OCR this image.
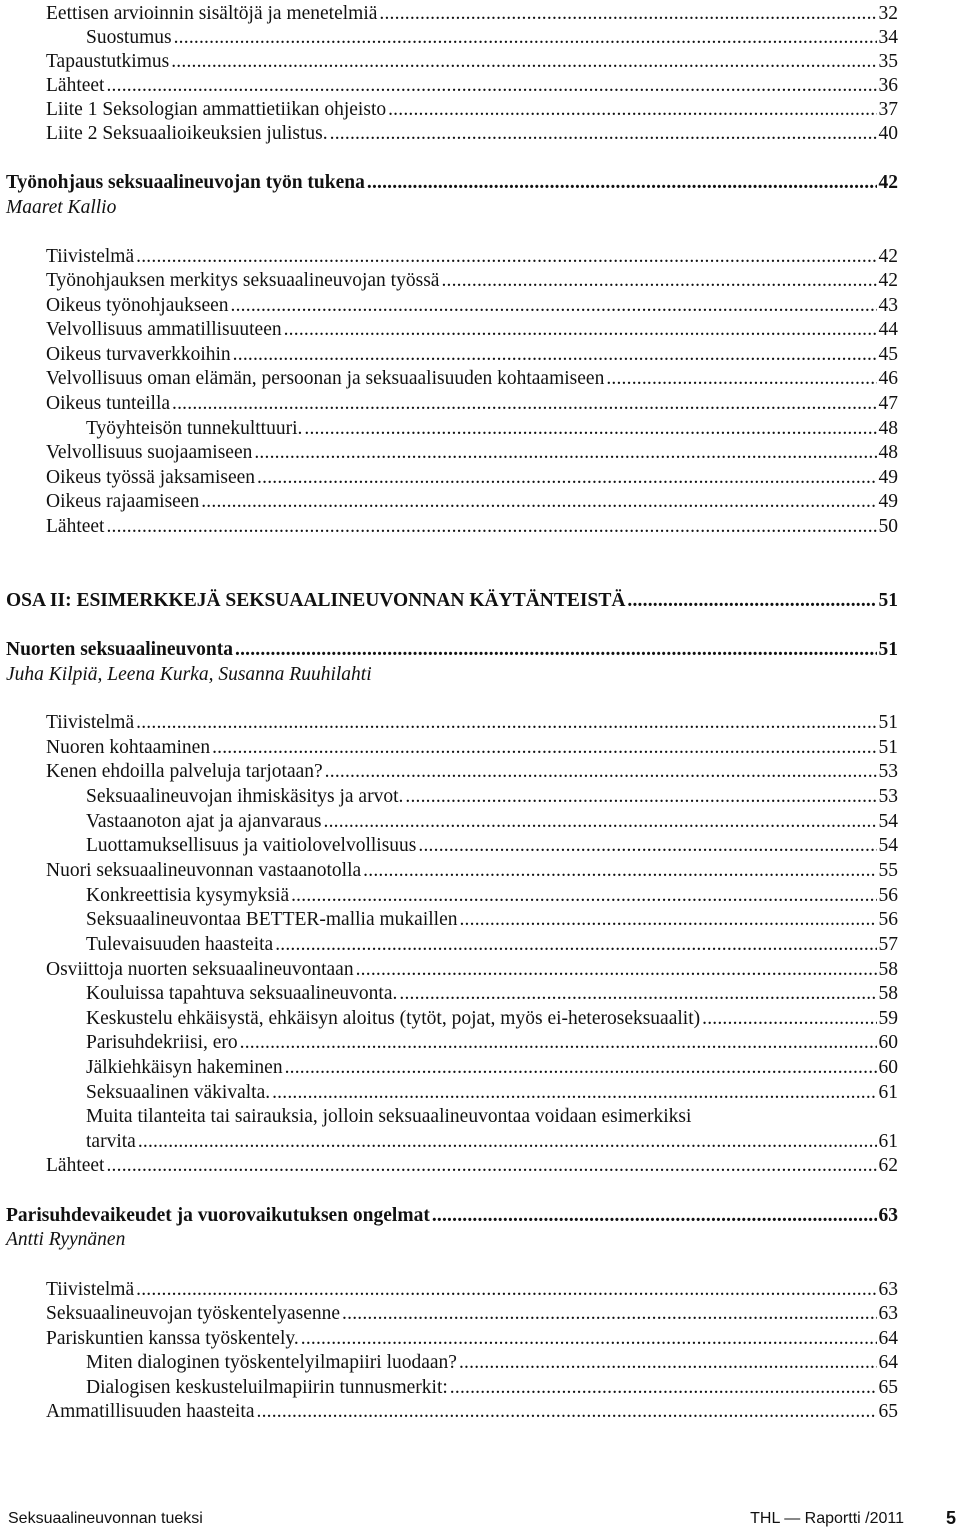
Eettisen arvioinnin sisältöjä ja menetelmiä .....	32
Suostumus .....	34
Tapaustutkimus .....	35
Lähteet .....	36
Liite 1 Seksologian ammattietiikan ohjeisto .....	37
Liite 2 Seksuaalioikeuksien julistus. .....	40
Työnohjaus seksuaalineuvojan työn tukena .....	42
Maaret Kallio
Tiivistelmä .....	42
Työnohjauksen merkitys seksuaalineuvojan työssä .....	42
Oikeus työnohjaukseen .....	43
Velvollisuus ammatillisuuteen .....	44
Oikeus turvaverkkoihin .....	45
Velvollisuus oman elämän, persoonan ja seksuaalisuuden kohtaamiseen .....	46
Oikeus tunteilla .....	47
Työyhteisön tunnekulttuuri. .....	48
Velvollisuus suojaamiseen .....	48
Oikeus työssä jaksamiseen .....	49
Oikeus rajaamiseen .....	49
Lähteet .....	50
OSA II: ESIMERKKEJÄ SEKSUAALINEUVONNAN KÄYTÄNTEISTÄ .....	51
Nuorten seksuaalineuvonta .....	51
Juha Kilpiä, Leena Kurka, Susanna Ruuhilahti
Tiivistelmä .....	51
Nuoren kohtaaminen .....	51
Kenen ehdoilla palveluja tarjotaan? .....	53
Seksuaalineuvojan ihmiskäsitys ja arvot. .....	53
Vastaanoton ajat ja ajanvaraus .....	54
Luottamuksellisuus ja vaitiolovelvollisuus .....	54
Nuori seksuaalineuvonnan vastaanotolla .....	55
Konkreettisia kysymyksiä .....	56
Seksuaalineuvontaa BETTER-mallia mukaillen .....	56
Tulevaisuuden haasteita .....	57
Osviittoja nuorten seksuaalineuvontaan .....	58
Kouluissa tapahtuva seksuaalineuvonta. .....	58
Keskustelu ehkäisystä, ehkäisyn aloitus (tytöt, pojat, myös ei-heteroseksuaalit) .....	59
Parisuhdekriisi, ero .....	60
Jälkiehkäisyn hakeminen .....	60
Seksuaalinen väkivalta. .....	61
Muita tilanteita tai sairauksia, jolloin seksuaalineuvontaa voidaan esimerkiksi
tarvita .....	61
Lähteet .....	62
Parisuhdevaikeudet ja vuorovaikutuksen ongelmat .....	63
Antti Ryynänen
Tiivistelmä .....	63
Seksuaalineuvojan työskentelyasenne .....	63
Pariskuntien kanssa työskentely. .....	64
Miten dialoginen työskentelyilmapiiri luodaan? .....	64
Dialogisen keskusteluilmapiirin tunnusmerkit: .....	65
Ammatillisuuden haasteita .....	65
Seksuaalineuvonnan tueksi	THL — Raportti /2011 5
